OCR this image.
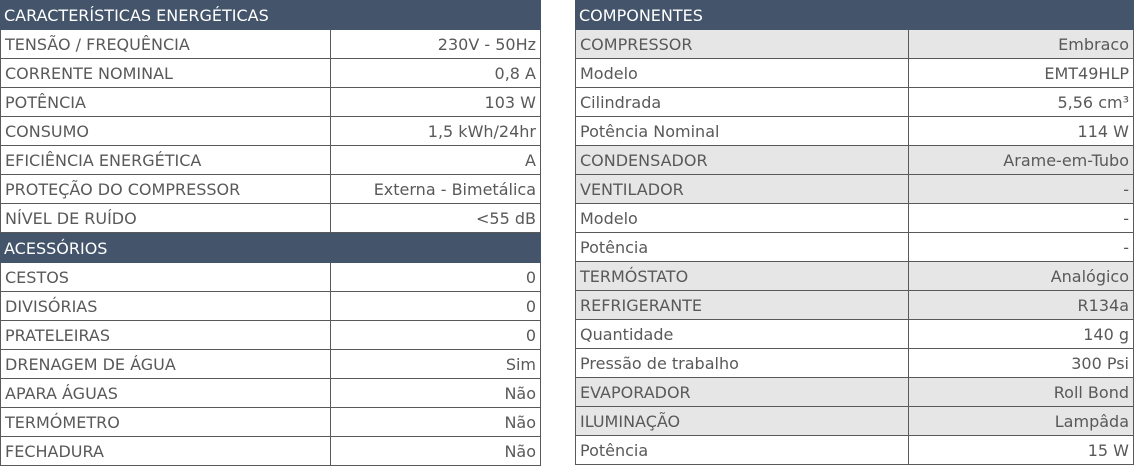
CARACTERÍSTICAS ENERGÉTICAS
TENSÃO / FREQUÊNCIA	230V - 50Hz
CORRENTE NOMINAL	0,8 A
POTÊNCIA	103 W
CONSUMO	1,5 kWh/24hr
EFICIÊNCIA ENERGÉTICA	A
PROTEÇÃO DO COMPRESSOR	Externa - Bimetálica
NÍVEL DE RUÍDO	<55 dB
ACESSÓRIOS
CESTOS	0
DIVISÓRIAS	0
PRATELEIRAS	0
DRENAGEM DE ÁGUA	Sim
APARA ÁGUAS	Não
TERMÓMETRO	Não
FECHADURA	Não
COMPONENTES
COMPRESSOR	Embraco
Modelo	EMT49HLP
Cilindrada	5,56 cm³
Potência Nominal	114 W
CONDENSADOR	Arame-em-Tubo
VENTILADOR	-
Modelo	-
Potência	-
TERMÓSTATO	Analógico
REFRIGERANTE	R134a
Quantidade	140 g
Pressão de trabalho	300 Psi
EVAPORADOR	Roll Bond
ILUMINAÇÃO	Lampâda
Potência	15 W
